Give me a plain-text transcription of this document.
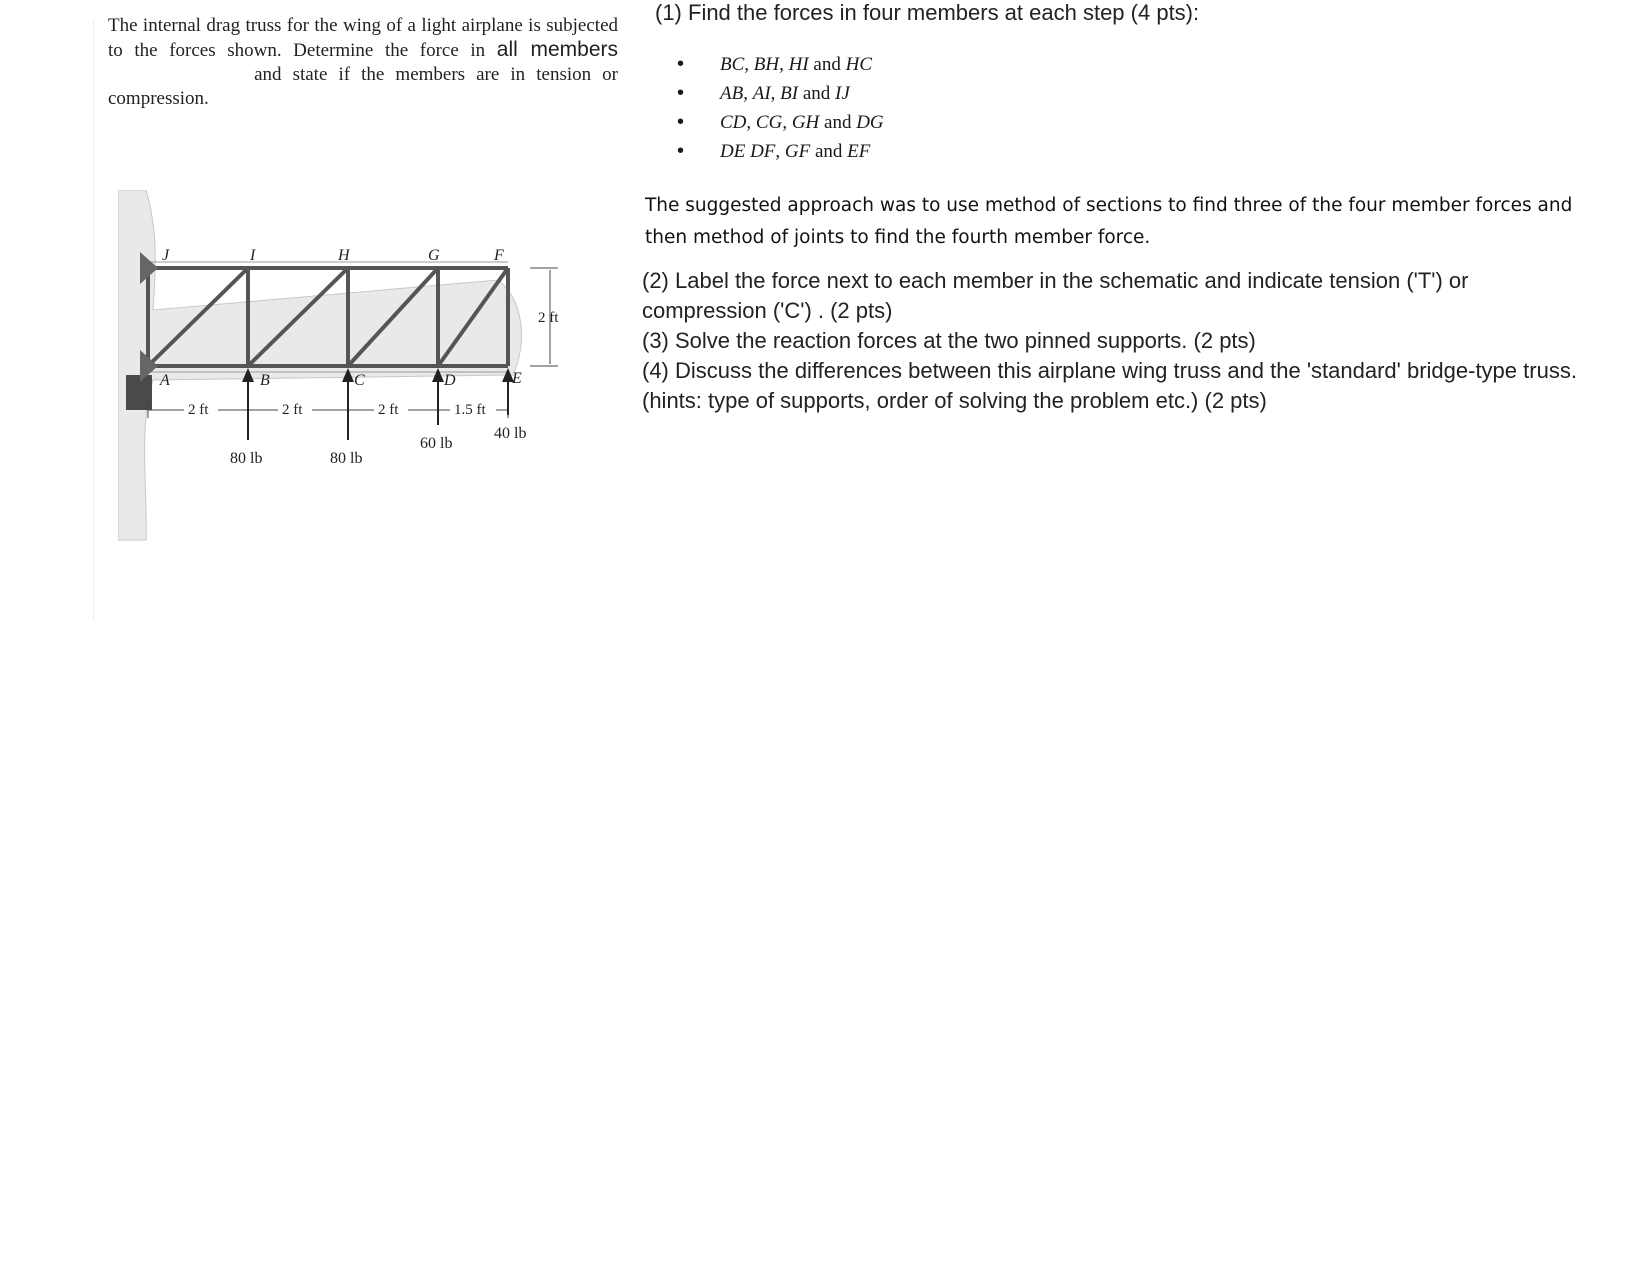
The internal drag truss for the wing of a light airplane is subjected to the forces shown. Determine the force in all members  and state if the members are in tension or compression.
J	I	H	G	F
A	B	C	D	E
2 ft
2 ft	2 ft	2 ft	1.5 ft
80 lb	80 lb
60 lb
40 lb
(1) Find the forces in four members at each step (4 pts):
• BC, BH, HI and HC
• AB, AI, BI and IJ
• CD, CG, GH and DG
• DE DF, GF and EF
The suggested approach was to use method of sections to find three of the four member forces and then method of joints to find the fourth member force.

(2) Label the force next to each member in the schematic and indicate tension ('T') or compression ('C') . (2 pts)

(3) Solve the reaction forces at the two pinned supports. (2 pts)

(4) Discuss the differences between this airplane wing truss and the 'standard' bridge-type truss. (hints: type of supports, order of solving the problem etc.) (2 pts)
